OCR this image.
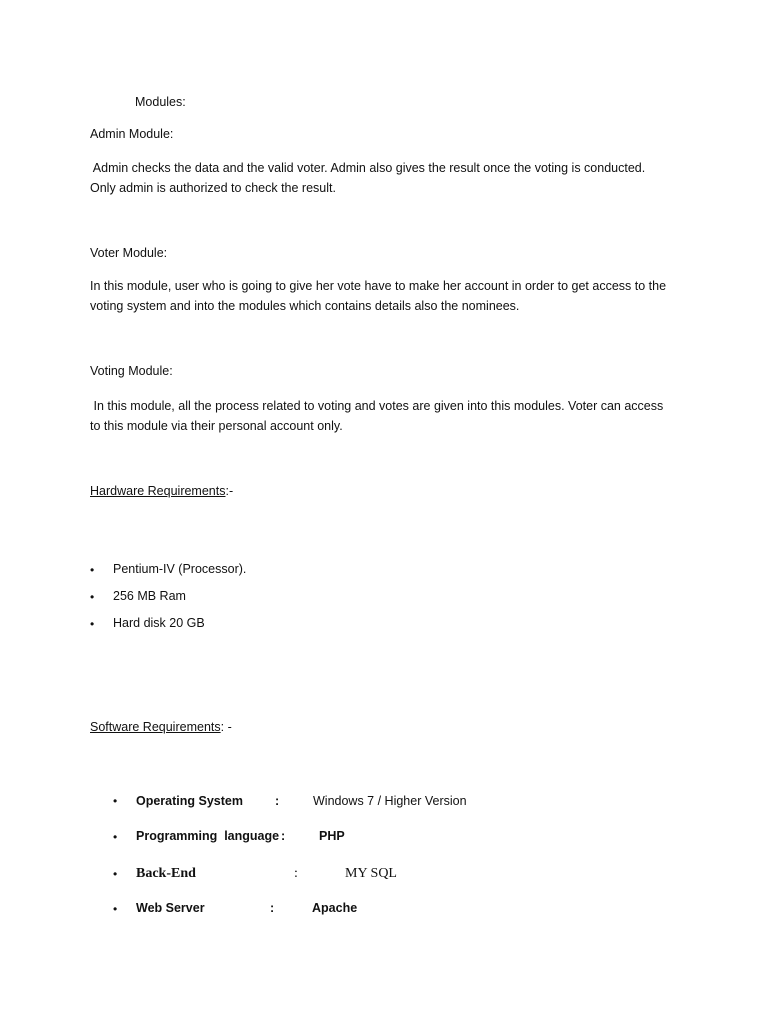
Modules:
Admin Module:

Admin checks the data and the valid voter. Admin also gives the result once the voting is conducted.

Only admin is authorized to check the result.

Voter Module:

In this module, user who is going to give her vote have to make her account in order to get access to the

voting system and into the modules which contains details also the nominees.

Voting Module:

In this module, all the process related to voting and votes are given into this modules. Voter can access

to this module via their personal account only.

Hardware Requirements:-
• Pentium-IV (Processor).
• 256 MB Ram
• Hard disk 20 GB
Software Requirements: -
• Operating System	:	Windows 7 / Higher Version
• Programming  language :	PHP
• Back-End	:	MY SQL
• Web Server	:	Apache
